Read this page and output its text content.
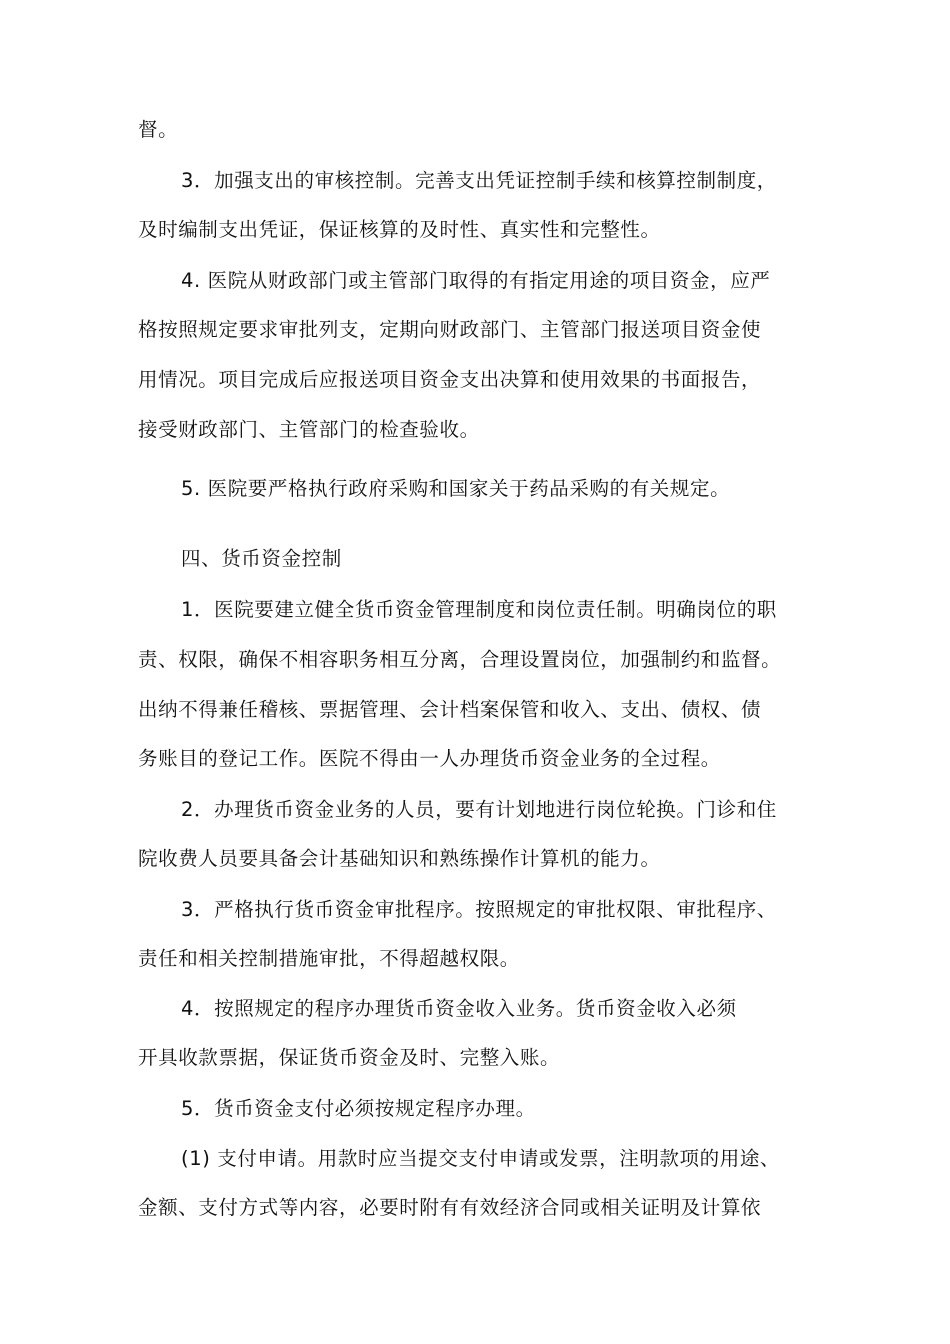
督。
3．加强支出的审核控制。完善支出凭证控制手续和核算控制制度，
及时编制支出凭证，保证核算的及时性、真实性和完整性。
4. 医院从财政部门或主管部门取得的有指定用途的项目资金，应严
格按照规定要求审批列支，定期向财政部门、主管部门报送项目资金使
用情况。项目完成后应报送项目资金支出决算和使用效果的书面报告，
接受财政部门、主管部门的检查验收。
5. 医院要严格执行政府采购和国家关于药品采购的有关规定。
四、货币资金控制
1．医院要建立健全货币资金管理制度和岗位责任制。明确岗位的职
责、权限，确保不相容职务相互分离，合理设置岗位，加强制约和监督。
出纳不得兼任稽核、票据管理、会计档案保管和收入、支出、债权、债
务账目的登记工作。医院不得由一人办理货币资金业务的全过程。
2．办理货币资金业务的人员，要有计划地进行岗位轮换。门诊和住
院收费人员要具备会计基础知识和熟练操作计算机的能力。
3．严格执行货币资金审批程序。按照规定的审批权限、审批程序、
责任和相关控制措施审批，不得超越权限。
4．按照规定的程序办理货币资金收入业务。货币资金收入必须
开具收款票据，保证货币资金及时、完整入账。
5．货币资金支付必须按规定程序办理。
(1) 支付申请。用款时应当提交支付申请或发票，注明款项的用途、
金额、支付方式等内容，必要时附有有效经济合同或相关证明及计算依
